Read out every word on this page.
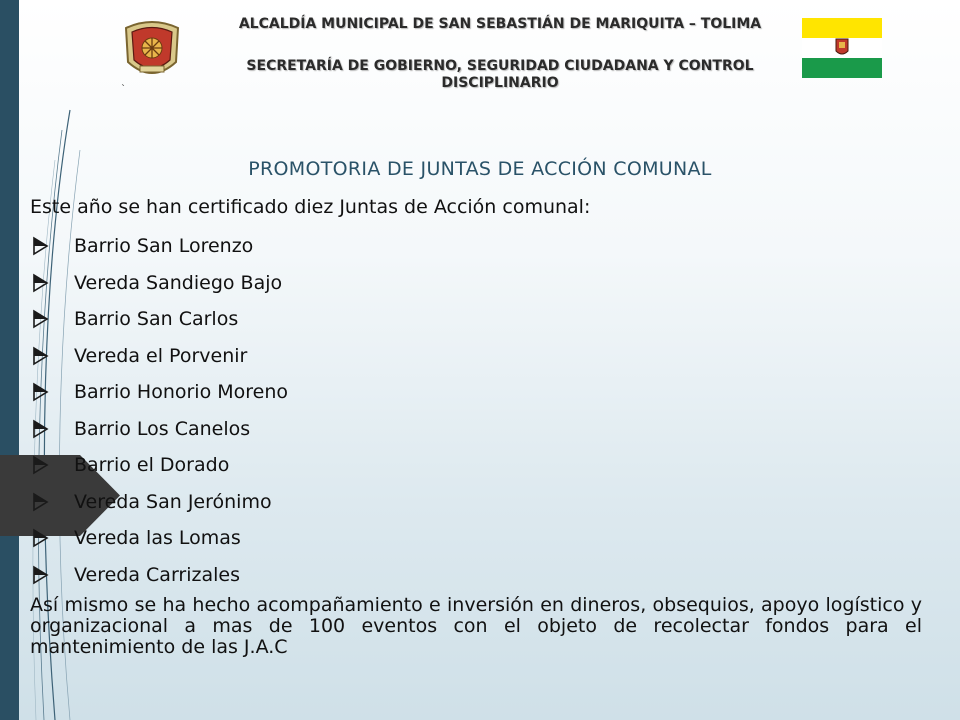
ALCALDÍA MUNICIPAL DE SAN SEBASTIÁN DE MARIQUITA – TOLIMA
SECRETARÍA DE GOBIERNO, SEGURIDAD CIUDADANA Y CONTROL DISCIPLINARIO
`
PROMOTORIA DE JUNTAS DE ACCIÓN COMUNAL
Este año se han certificado diez Juntas de Acción comunal:
Barrio San Lorenzo
Vereda Sandiego Bajo
Barrio San Carlos
Vereda el Porvenir
Barrio Honorio Moreno
Barrio Los Canelos
Barrio el Dorado
Vereda San Jerónimo
Vereda las Lomas
Vereda Carrizales
Así mismo se ha hecho acompañamiento e inversión en dineros, obsequios, apoyo logístico y organizacional a mas de 100 eventos con el objeto de recolectar fondos para el mantenimiento de las J.A.C
